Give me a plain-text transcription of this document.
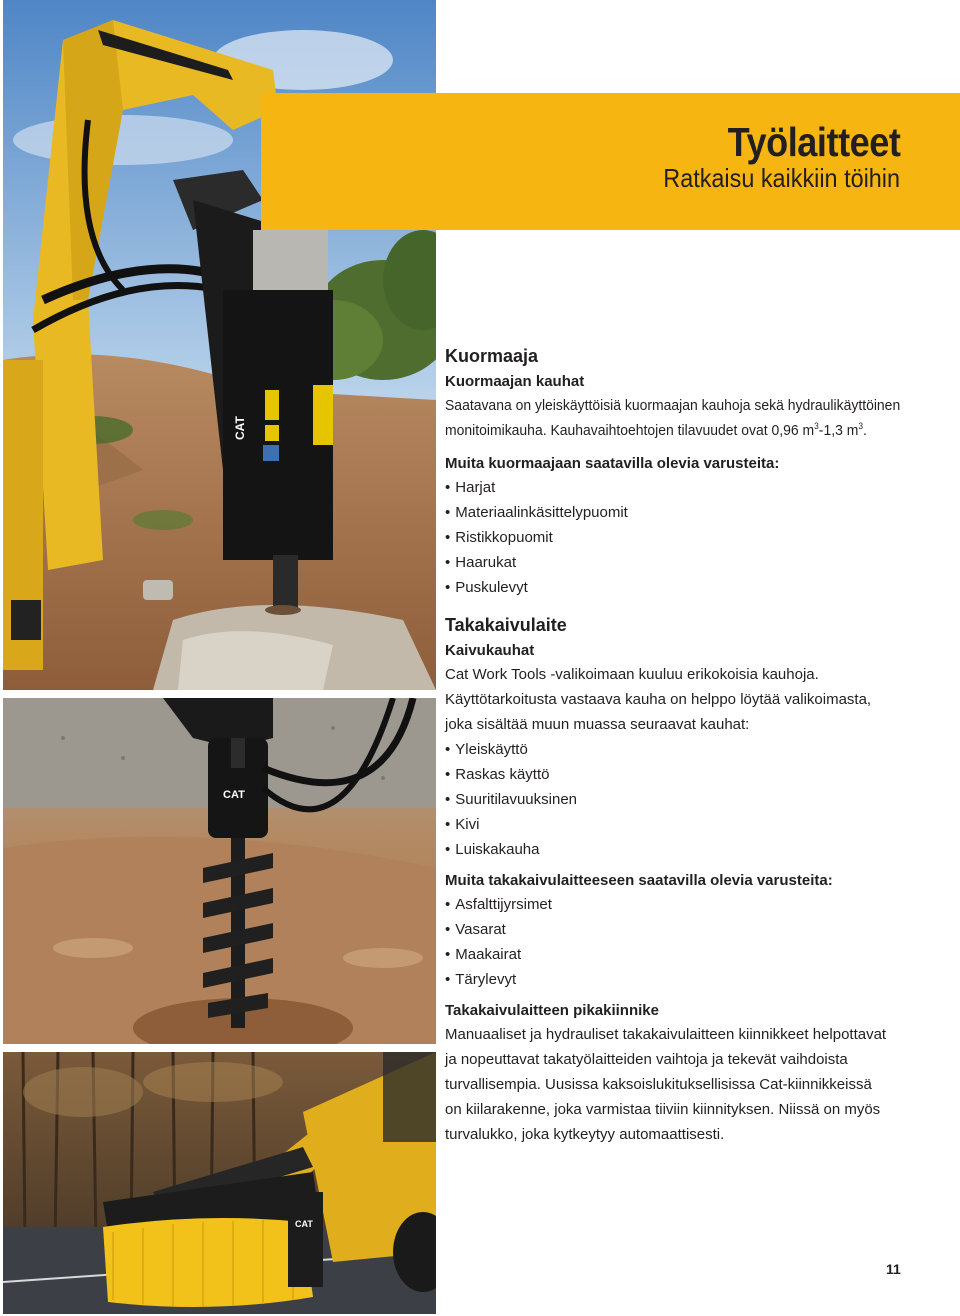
CAT
CAT
CAT
Työlaitteet
Ratkaisu kaikkiin töihin
Kuormaaja
Kuormaajan kauhat

Saatavana on yleiskäyttöisiä kuormaajan kauhoja sekä hydraulikäyttöinen
monitoimikauha. Kauhavaihtoehtojen tilavuudet ovat 0,96 $m^3-1,3$ $m^3$.

Muita kuormaajaan saatavilla olevia varusteita:
• Harjat
• Materiaalinkäsittelypuomit
• Ristikkopuomit
• Haarukat
• Puskulevyt
Takakaivulaite
Kaivukauhat

Cat Work Tools -valikoimaan kuuluu erikokoisia kauhoja.
Käyttötarkoitusta vastaava kauha on helppo löytää valikoimasta,
joka sisältää muun muassa seuraavat kauhat:

• Yleiskäyttö
• Raskas käyttö
• Suuritilavuuksinen
• Kivi
• Luiskakauha
Muita takakaivulaitteeseen saatavilla olevia varusteita:
• Asfalttijyrsimet
• Vasarat
• Maakairat
• Tärylevyt
Takakaivulaitteen pikakiinnike

Manuaaliset ja hydrauliset takakaivulaitteen kiinnikkeet helpottavat
ja nopeuttavat takatyölaitteiden vaihtoja ja tekevät vaihdoista
turvallisempia. Uusissa kaksoislukituksellisissa Cat-kiinnikkeissä
on kiilarakenne, joka varmistaa tiiviin kiinnityksen. Niissä on myös
turvalukko, joka kytkeytyy automaattisesti.

11
